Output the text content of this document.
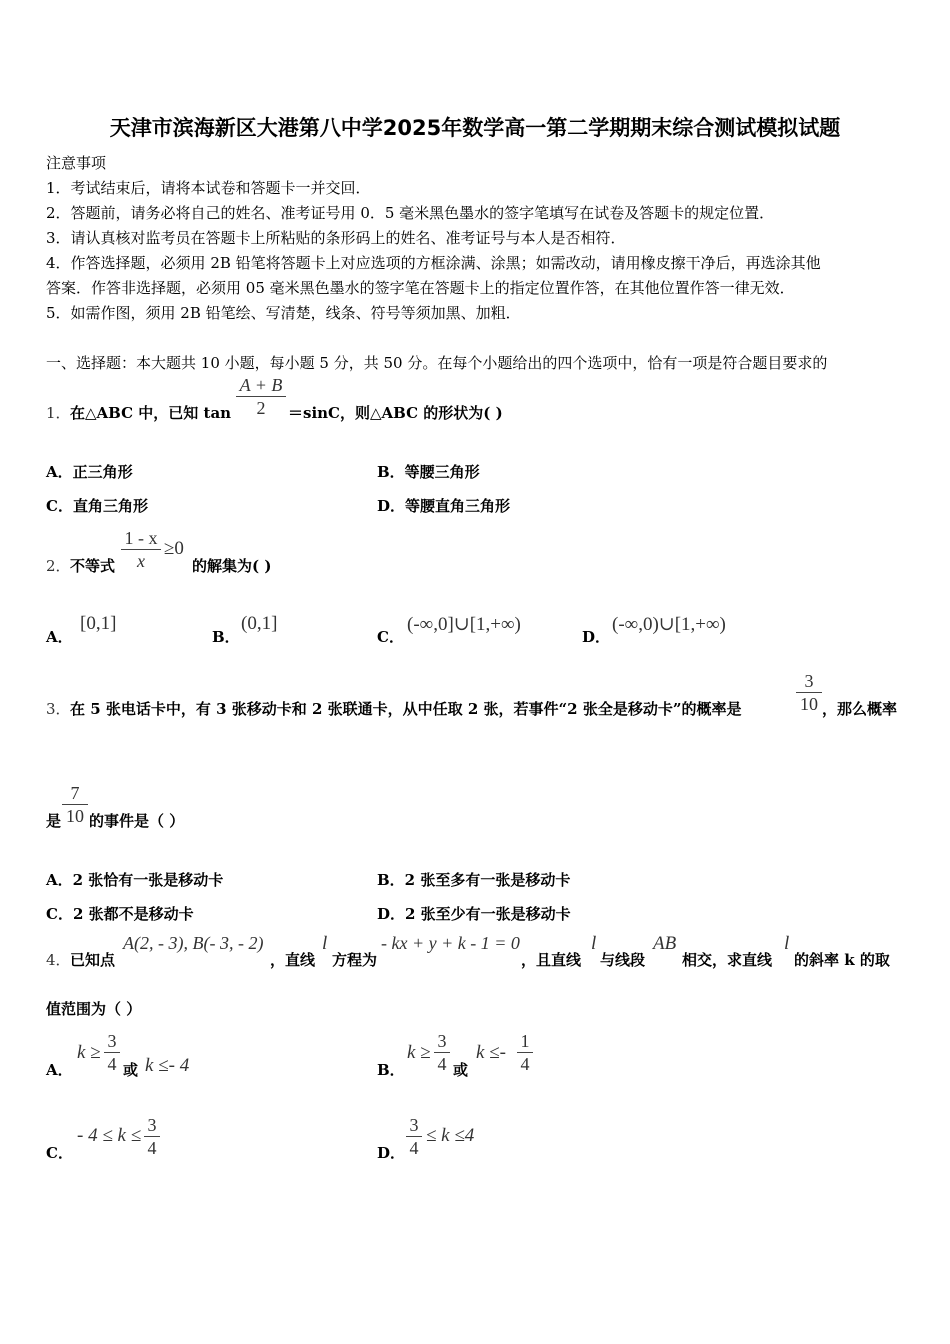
天津市滨海新区大港第八中学2025年数学高一第二学期期末综合测试模拟试题
注意事项
1．考试结束后，请将本试卷和答题卡一并交回．
2．答题前，请务必将自己的姓名、准考证号用 0．5 毫米黑色墨水的签字笔填写在试卷及答题卡的规定位置．
3．请认真核对监考员在答题卡上所粘贴的条形码上的姓名、准考证号与本人是否相符．
4．作答选择题，必须用 2B 铅笔将答题卡上对应选项的方框涂满、涂黑；如需改动，请用橡皮擦干净后，再选涂其他
答案．作答非选择题，必须用 05 毫米黑色墨水的签字笔在答题卡上的指定位置作答，在其他位置作答一律无效．
5．如需作图，须用 2B 铅笔绘、写清楚，线条、符号等须加黑、加粗．
一、选择题：本大题共 10 小题，每小题 5 分，共 50 分。在每个小题给出的四个选项中，恰有一项是符合题目要求的
1． 在△ABC 中，已知 tan
A + B
2	＝sinC，则△ABC 的形状为( )
A．正三角形	B．等腰三角形
C．直角三角形	D．等腰直角三角形
2． 不等式
1 - x
x
≥0
的解集为( )
A．
[0,1]
B．
(0,1]
C．
(-∞,0]∪[1,+∞)
D．
(-∞,0)∪[1,+∞)
3． 在 5 张电话卡中，有 3 张移动卡和 2 张联通卡，从中任取 2 张，若事件“2 张全是移动卡”的概率是
3
10 ，那么概率
是
7
10 的事件是（ ）
A．2 张恰有一张是移动卡	B．2 张至多有一张是移动卡
C．2 张都不是移动卡	D．2 张至少有一张是移动卡
4． 已知点
A(2, - 3), B(- 3, - 2)
，直线
l
方程为
- kx + y + k - 1 = 0
，且直线
l
与线段
AB
相交，求直线
l
的斜率 k 的取
值范围为（ ）
A．
k ≥
3
4 或 k ≤- 4	B．
k ≥
3
4 或
k ≤-
1
4
C．
- 4 ≤ k ≤ 3
4	D．
3
4
≤ k ≤4
